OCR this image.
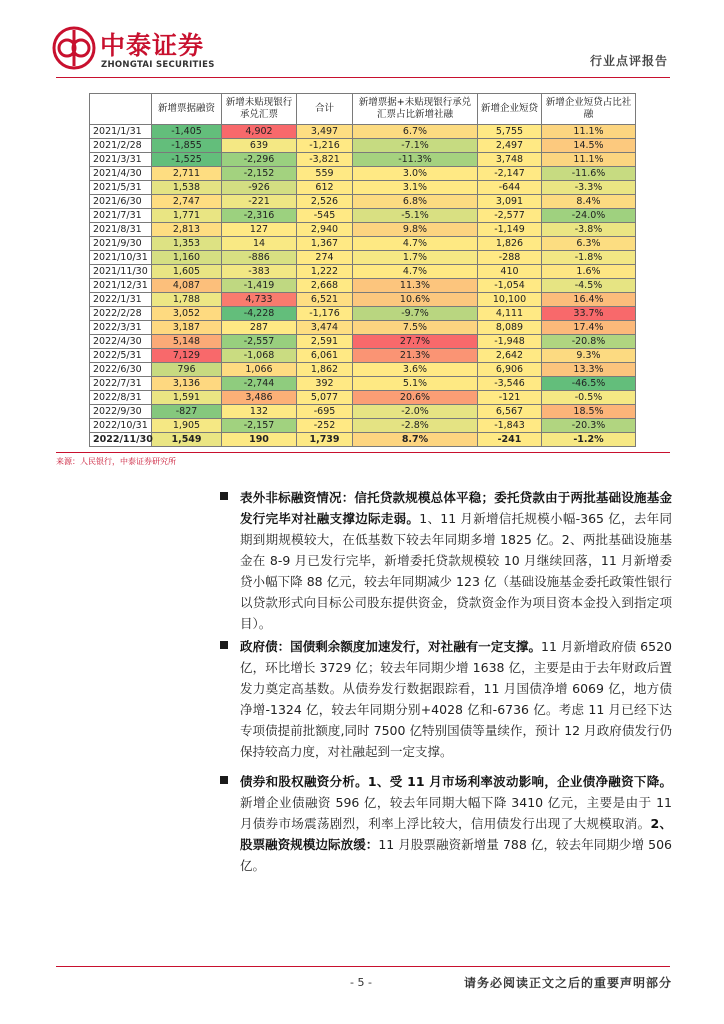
中泰证券
ZHONGTAI SECURITIES	行业点评报告
	新增票据融资	新增未贴现银行承兑汇票	合计	新增票据+未贴现银行承兑汇票占比新增社融	新增企业短贷	新增企业短贷占比社融
2021/1/31	-1,405	4,902	3,497	6.7%	5,755	11.1%
2021/2/28	-1,855	639	-1,216	-7.1%	2,497	14.5%
2021/3/31	-1,525	-2,296	-3,821	-11.3%	3,748	11.1%
2021/4/30	2,711	-2,152	559	3.0%	-2,147	-11.6%
2021/5/31	1,538	-926	612	3.1%	-644	-3.3%
2021/6/30	2,747	-221	2,526	6.8%	3,091	8.4%
2021/7/31	1,771	-2,316	-545	-5.1%	-2,577	-24.0%
2021/8/31	2,813	127	2,940	9.8%	-1,149	-3.8%
2021/9/30	1,353	14	1,367	4.7%	1,826	6.3%
2021/10/31	1,160	-886	274	1.7%	-288	-1.8%
2021/11/30	1,605	-383	1,222	4.7%	410	1.6%
2021/12/31	4,087	-1,419	2,668	11.3%	-1,054	-4.5%
2022/1/31	1,788	4,733	6,521	10.6%	10,100	16.4%
2022/2/28	3,052	-4,228	-1,176	-9.7%	4,111	33.7%
2022/3/31	3,187	287	3,474	7.5%	8,089	17.4%
2022/4/30	5,148	-2,557	2,591	27.7%	-1,948	-20.8%
2022/5/31	7,129	-1,068	6,061	21.3%	2,642	9.3%
2022/6/30	796	1,066	1,862	3.6%	6,906	13.3%
2022/7/31	3,136	-2,744	392	5.1%	-3,546	-46.5%
2022/8/31	1,591	3,486	5,077	20.6%	-121	-0.5%
2022/9/30	-827	132	-695	-2.0%	6,567	18.5%
2022/10/31	1,905	-2,157	-252	-2.8%	-1,843	-20.3%
2022/11/30	1,549	190	1,739	8.7%	-241	-1.2%
来源：人民银行，中泰证券研究所
表外非标融资情况：信托贷款规模总体平稳；委托贷款由于两批基础设施基金发行完毕对社融支撑边际走弱。1、11 月新增信托规模小幅-365 亿，去年同期到期规模较大，在低基数下较去年同期多增 1825 亿。2、两批基础设施基金在 8-9 月已发行完毕，新增委托贷款规模较 10 月继续回落，11 月新增委贷小幅下降 88 亿元，较去年同期减少 123 亿（基础设施基金委托政策性银行以贷款形式向目标公司股东提供资金，贷款资金作为项目资本金投入到指定项目）。
政府债：国债剩余额度加速发行，对社融有一定支撑。11 月新增政府债 6520 亿，环比增长 3729 亿；较去年同期少增 1638 亿，主要是由于去年财政后置发力奠定高基数。从债券发行数据跟踪看，11 月国债净增 6069 亿，地方债净增-1324 亿，较去年同期分别+4028 亿和-6736 亿。考虑 11 月已经下达专项债提前批额度,同时 7500 亿特别国债等量续作，预计 12 月政府债发行仍保持较高力度，对社融起到一定支撑。
债券和股权融资分析。1、受 11 月市场利率波动影响，企业债净融资下降。新增企业债融资 596 亿，较去年同期大幅下降 3410 亿元，主要是由于 11 月债券市场震荡剧烈，利率上浮比较大，信用债发行出现了大规模取消。2、股票融资规模边际放缓：11 月股票融资新增量 788 亿，较去年同期少增 506 亿。
- 5 -	请务必阅读正文之后的重要声明部分
